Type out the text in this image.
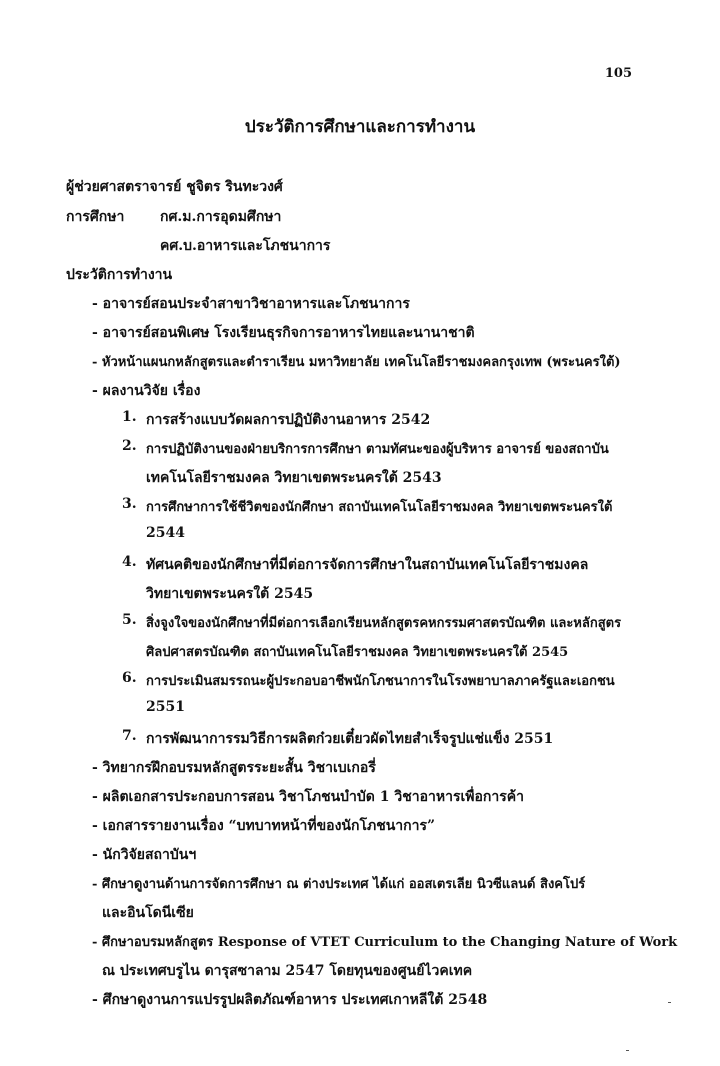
105
ประวัติการศึกษาและการทำงาน
ผู้ช่วยศาสตราจารย์ ชูจิตร รินทะวงศ์
การศึกษา	กศ.ม.การอุดมศึกษา
คศ.บ.อาหารและโภชนาการ
ประวัติการทำงาน
- อาจารย์สอนประจำสาขาวิชาอาหารและโภชนาการ
- อาจารย์สอนพิเศษ โรงเรียนธุรกิจการอาหารไทยและนานาชาติ
- หัวหน้าแผนกหลักสูตรและตำราเรียน มหาวิทยาลัย เทคโนโลยีราชมงคลกรุงเทพ (พระนครใต้)
- ผลงานวิจัย เรื่อง
1. การสร้างแบบวัดผลการปฏิบัติงานอาหาร 2542
2. การปฏิบัติงานของฝ่ายบริการการศึกษา ตามทัศนะของผู้บริหาร อาจารย์ ของสถาบัน
เทคโนโลยีราชมงคล วิทยาเขตพระนครใต้ 2543
3. การศึกษาการใช้ชีวิตของนักศึกษา สถาบันเทคโนโลยีราชมงคล วิทยาเขตพระนครใต้
2544
4. ทัศนคติของนักศึกษาที่มีต่อการจัดการศึกษาในสถาบันเทคโนโลยีราชมงคล
วิทยาเขตพระนครใต้ 2545
5. สิ่งจูงใจของนักศึกษาที่มีต่อการเลือกเรียนหลักสูตรคหกรรมศาสตรบัณฑิต และหลักสูตร
ศิลปศาสตรบัณฑิต สถาบันเทคโนโลยีราชมงคล วิทยาเขตพระนครใต้ 2545
6. การประเมินสมรรถนะผู้ประกอบอาชีพนักโภชนาการในโรงพยาบาลภาครัฐและเอกชน
2551
7. การพัฒนาการรมวิธีการผลิตก๋วยเตี๋ยวผัดไทยสำเร็จรูปแช่แข็ง 2551
- วิทยากรฝึกอบรมหลักสูตรระยะสั้น วิชาเบเกอรี่
- ผลิตเอกสารประกอบการสอน วิชาโภชนบำบัด 1 วิชาอาหารเพื่อการค้า
- เอกสารรายงานเรื่อง “บทบาทหน้าที่ของนักโภชนาการ”
- นักวิจัยสถาบันฯ
- ศึกษาดูงานด้านการจัดการศึกษา ณ ต่างประเทศ ได้แก่ ออสเตรเลีย นิวซีแลนด์ สิงคโปร์
และอินโดนีเซีย
- ศึกษาอบรมหลักสูตร Response of VTET Curriculum to the Changing Nature of Work
ณ ประเทศบรูไน ดารุสซาลาม 2547 โดยทุนของศูนย์ไวคเทค
- ศึกษาดูงานการแปรรูปผลิตภัณฑ์อาหาร ประเทศเกาหลีใต้ 2548
